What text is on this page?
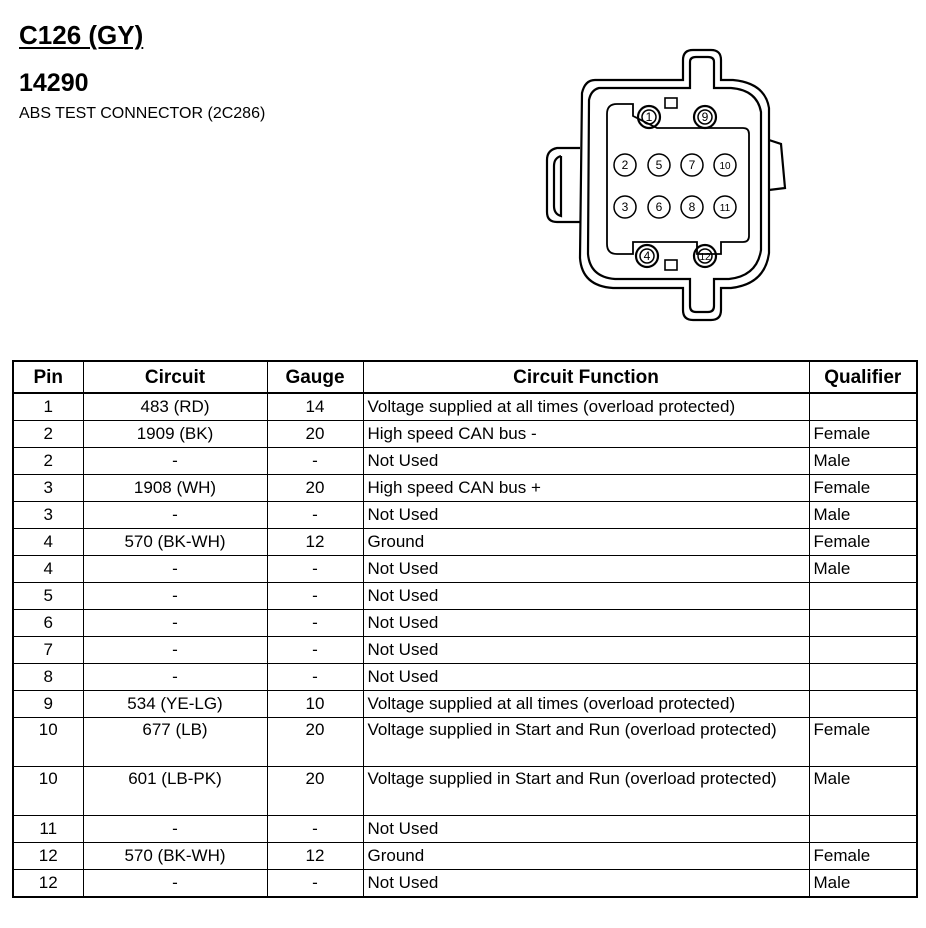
C126 (GY)
14290
ABS TEST CONNECTOR (2C286)	1	9
2 5 7 10
3 6 8 11
4	12
Pin	Circuit	Gauge	Circuit Function	Qualifier
1	483 (RD)	14	Voltage supplied at all times (overload protected)	
2	1909 (BK)	20	High speed CAN bus -	Female
2	-	-	Not Used	Male
3	1908 (WH)	20	High speed CAN bus +	Female
3	-	-	Not Used	Male
4	570 (BK-WH)	12	Ground	Female
4	-	-	Not Used	Male
5	-	-	Not Used	
6	-	-	Not Used	
7	-	-	Not Used	
8	-	-	Not Used	
9	534 (YE-LG)	10	Voltage supplied at all times (overload protected)	
10	677 (LB)	20	Voltage supplied in Start and Run (overload protected)	Female
10	601 (LB-PK)	20	Voltage supplied in Start and Run (overload protected)	Male
11	-	-	Not Used	
12	570 (BK-WH)	12	Ground	Female
12	-	-	Not Used	Male
